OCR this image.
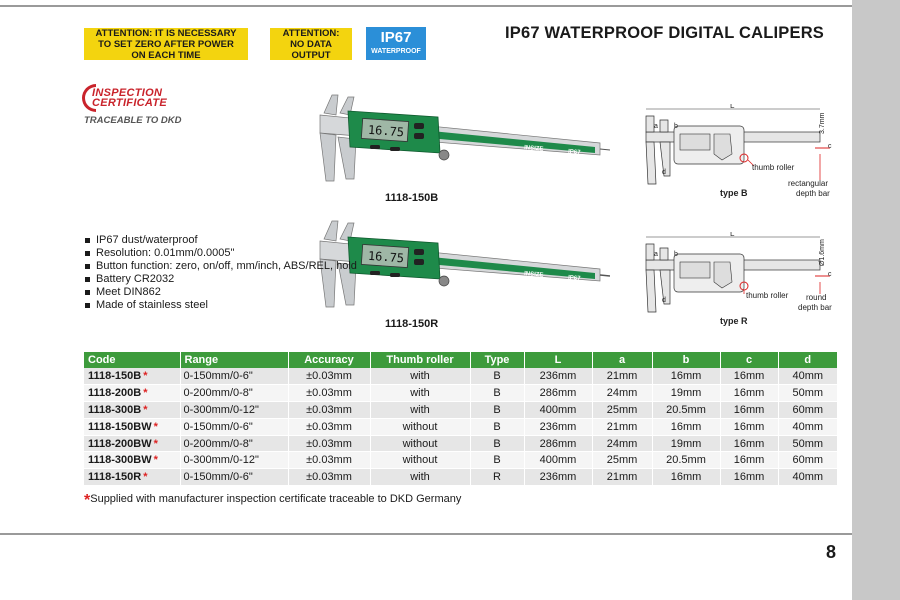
ATTENTION: IT IS NECESSARY TO SET ZERO AFTER POWER ON EACH TIME
ATTENTION: NO DATA OUTPUT
IP67
WATERPROOF
IP67 WATERPROOF DIGITAL CALIPERS
INSPECTION
CERTIFICATE
TRACEABLE TO DKD
16.75
INSIZE	IP67
1118-150B
16.75
INSIZE	IP67
1118-150R
L
thumb roller
a b
d
c
3.7mm
rectangular
depth bar
type B
L
thumb roller
a b
d
c
Ø1.6mm
round
depth bar
type R
IP67 dust/waterproof
Resolution: 0.01mm/0.0005"
Button function: zero, on/off, mm/inch, ABS/REL, hold
Battery CR2032
Meet DIN862
Made of stainless steel
Code	Range	Accuracy	Thumb roller	Type	L	a	b	c	d
1118-150B *	0-150mm/0-6"	±0.03mm	with	B	236mm	21mm	16mm	16mm	40mm
1118-200B *	0-200mm/0-8"	±0.03mm	with	B	286mm	24mm	19mm	16mm	50mm
1118-300B *	0-300mm/0-12"	±0.03mm	with	B	400mm	25mm	20.5mm	16mm	60mm
1118-150BW *	0-150mm/0-6"	±0.03mm	without	B	236mm	21mm	16mm	16mm	40mm
1118-200BW *	0-200mm/0-8"	±0.03mm	without	B	286mm	24mm	19mm	16mm	50mm
1118-300BW *	0-300mm/0-12"	±0.03mm	without	B	400mm	25mm	20.5mm	16mm	60mm
1118-150R *	0-150mm/0-6"	±0.03mm	with	R	236mm	21mm	16mm	16mm	40mm
*Supplied with manufacturer inspection certificate traceable to DKD Germany
8
